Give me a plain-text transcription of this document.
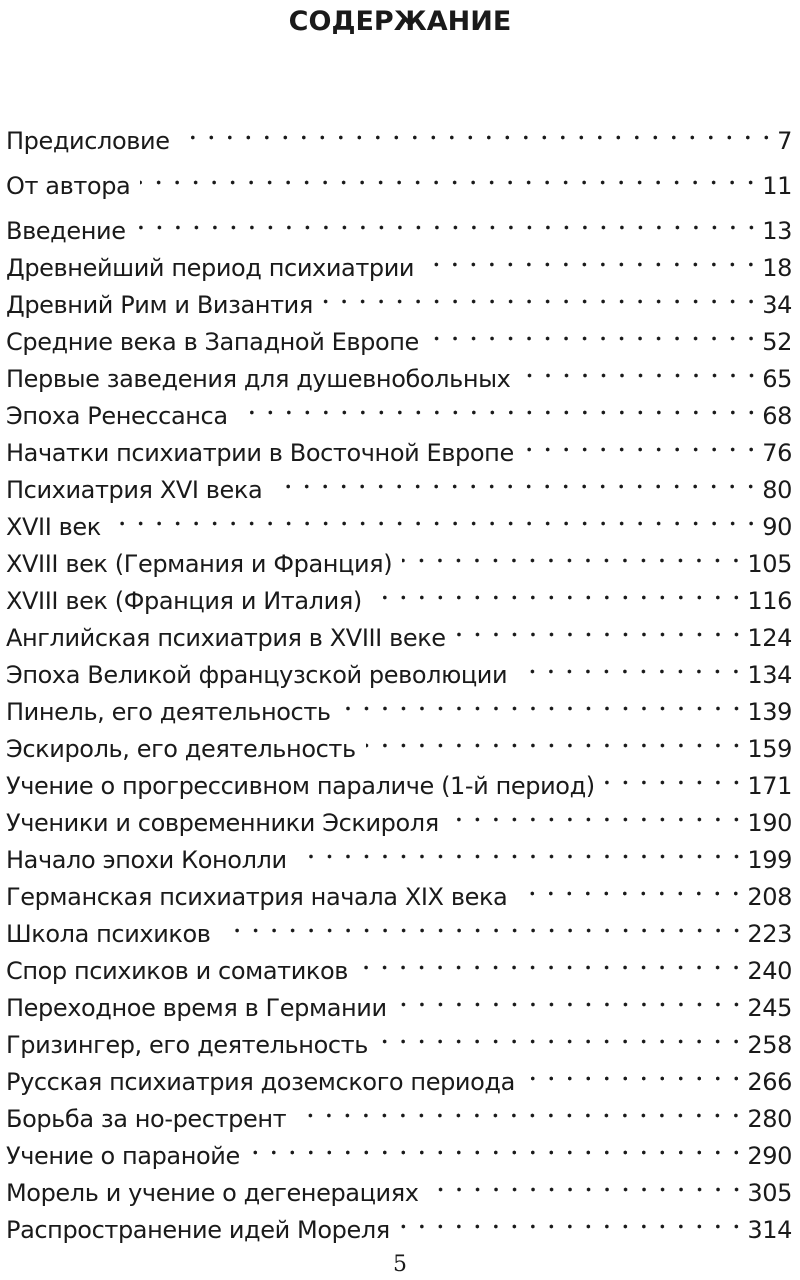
СОДЕРЖАНИЕ
Предисловие	7
От автора	11
Введение	13
Древнейший период психиатрии	18
Древний Рим и Византия	34
Средние века в Западной Европе	52
Первые заведения для душевнобольных	65
Эпоха Ренессанса	68
Начатки психиатрии в Восточной Европе	76
Психиатрия XVI века	80
XVII век	90
XVIII век (Германия и Франция)	105
XVIII век (Франция и Италия)	116
Английская психиатрия в XVIII веке	124
Эпоха Великой французской революции	134
Пинель, его деятельность	139
Эскироль, его деятельность	159
Учение о прогрессивном параличе (1-й период)	171
Ученики и современники Эскироля	190
Начало эпохи Конолли	199
Германская психиатрия начала XIX века	208
Школа психиков	223
Спор психиков и соматиков	240
Переходное время в Германии	245
Гризингер, его деятельность	258
Русская психиатрия доземского периода	266
Борьба за но-рестрент	280
Учение о паранойе	290
Морель и учение о дегенерациях	305
Распространение идей Мореля	314
5
